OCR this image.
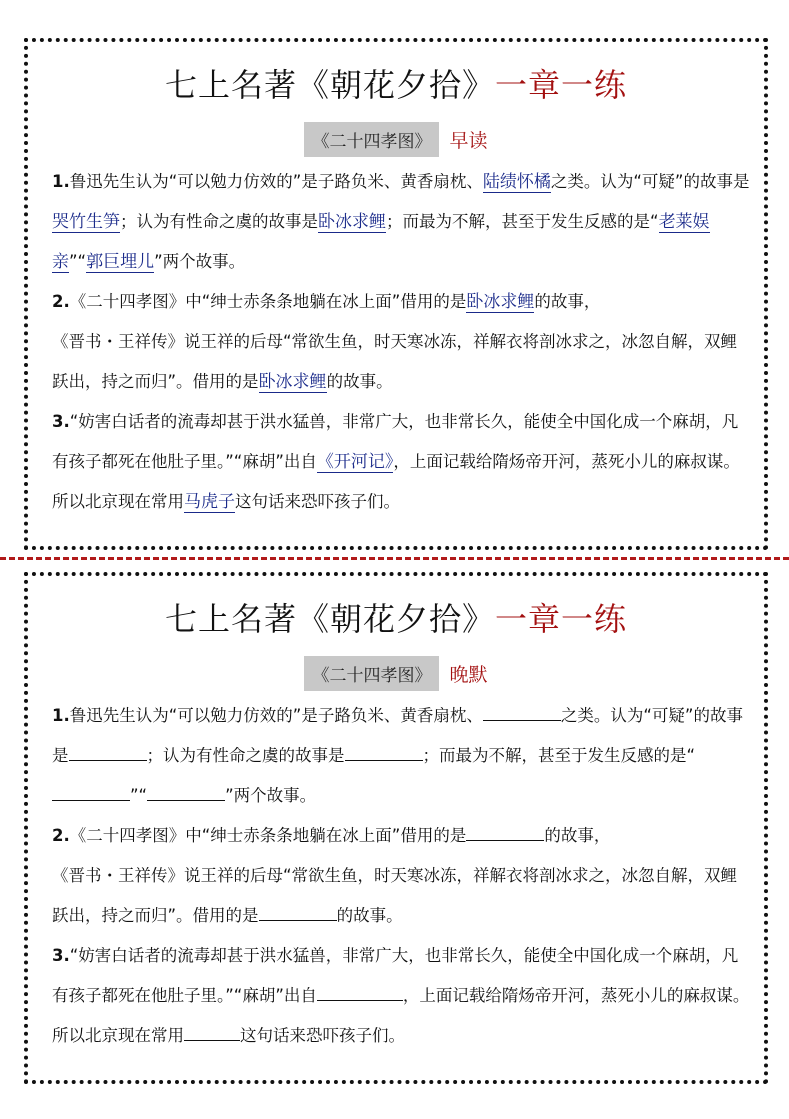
七上名著《朝花夕拾》一章一练
《二十四孝图》 早读

1.鲁迅先生认为“可以勉力仿效的”是子路负米、黄香扇枕、陆绩怀橘之类。认为“可疑”的故事是哭竹生笋；认为有性命之虞的故事是卧冰求鲤；而最为不解，甚至于发生反感的是“老莱娱亲”“郭巨埋儿”两个故事。

2.《二十四孝图》中“绅士赤条条地躺在冰上面”借用的是卧冰求鲤的故事，
《晋书・王祥传》说王祥的后母“常欲生鱼，时天寒冰冻，祥解衣将剖冰求之，冰忽自解，双鲤跃出，持之而归”。借用的是卧冰求鲤的故事。

3.“妨害白话者的流毒却甚于洪水猛兽，非常广大，也非常长久，能使全中国化成一个麻胡，凡有孩子都死在他肚子里。”“麻胡”出自《开河记》，上面记载给隋炀帝开河，蒸死小儿的麻叔谋。所以北京现在常用马虎子这句话来恐吓孩子们。

七上名著《朝花夕拾》一章一练
《二十四孝图》 晚默

1.鲁迅先生认为“可以勉力仿效的”是子路负米、黄香扇枕、	之类。认为“可疑”的故事是	；认为有性命之虞的故事是	；而最为不解，甚至于发生反感的是“”“	”两个故事。

2.《二十四孝图》中“绅士赤条条地躺在冰上面”借用的是	的故事，
《晋书・王祥传》说王祥的后母“常欲生鱼，时天寒冰冻，祥解衣将剖冰求之，冰忽自解，双鲤跃出，持之而归”。借用的是	的故事。

3.“妨害白话者的流毒却甚于洪水猛兽，非常广大，也非常长久，能使全中国化成一个麻胡，凡有孩子都死在他肚子里。”“麻胡”出自	，上面记载给隋炀帝开河，蒸死小儿的麻叔谋。所以北京现在常用	这句话来恐吓孩子们。
